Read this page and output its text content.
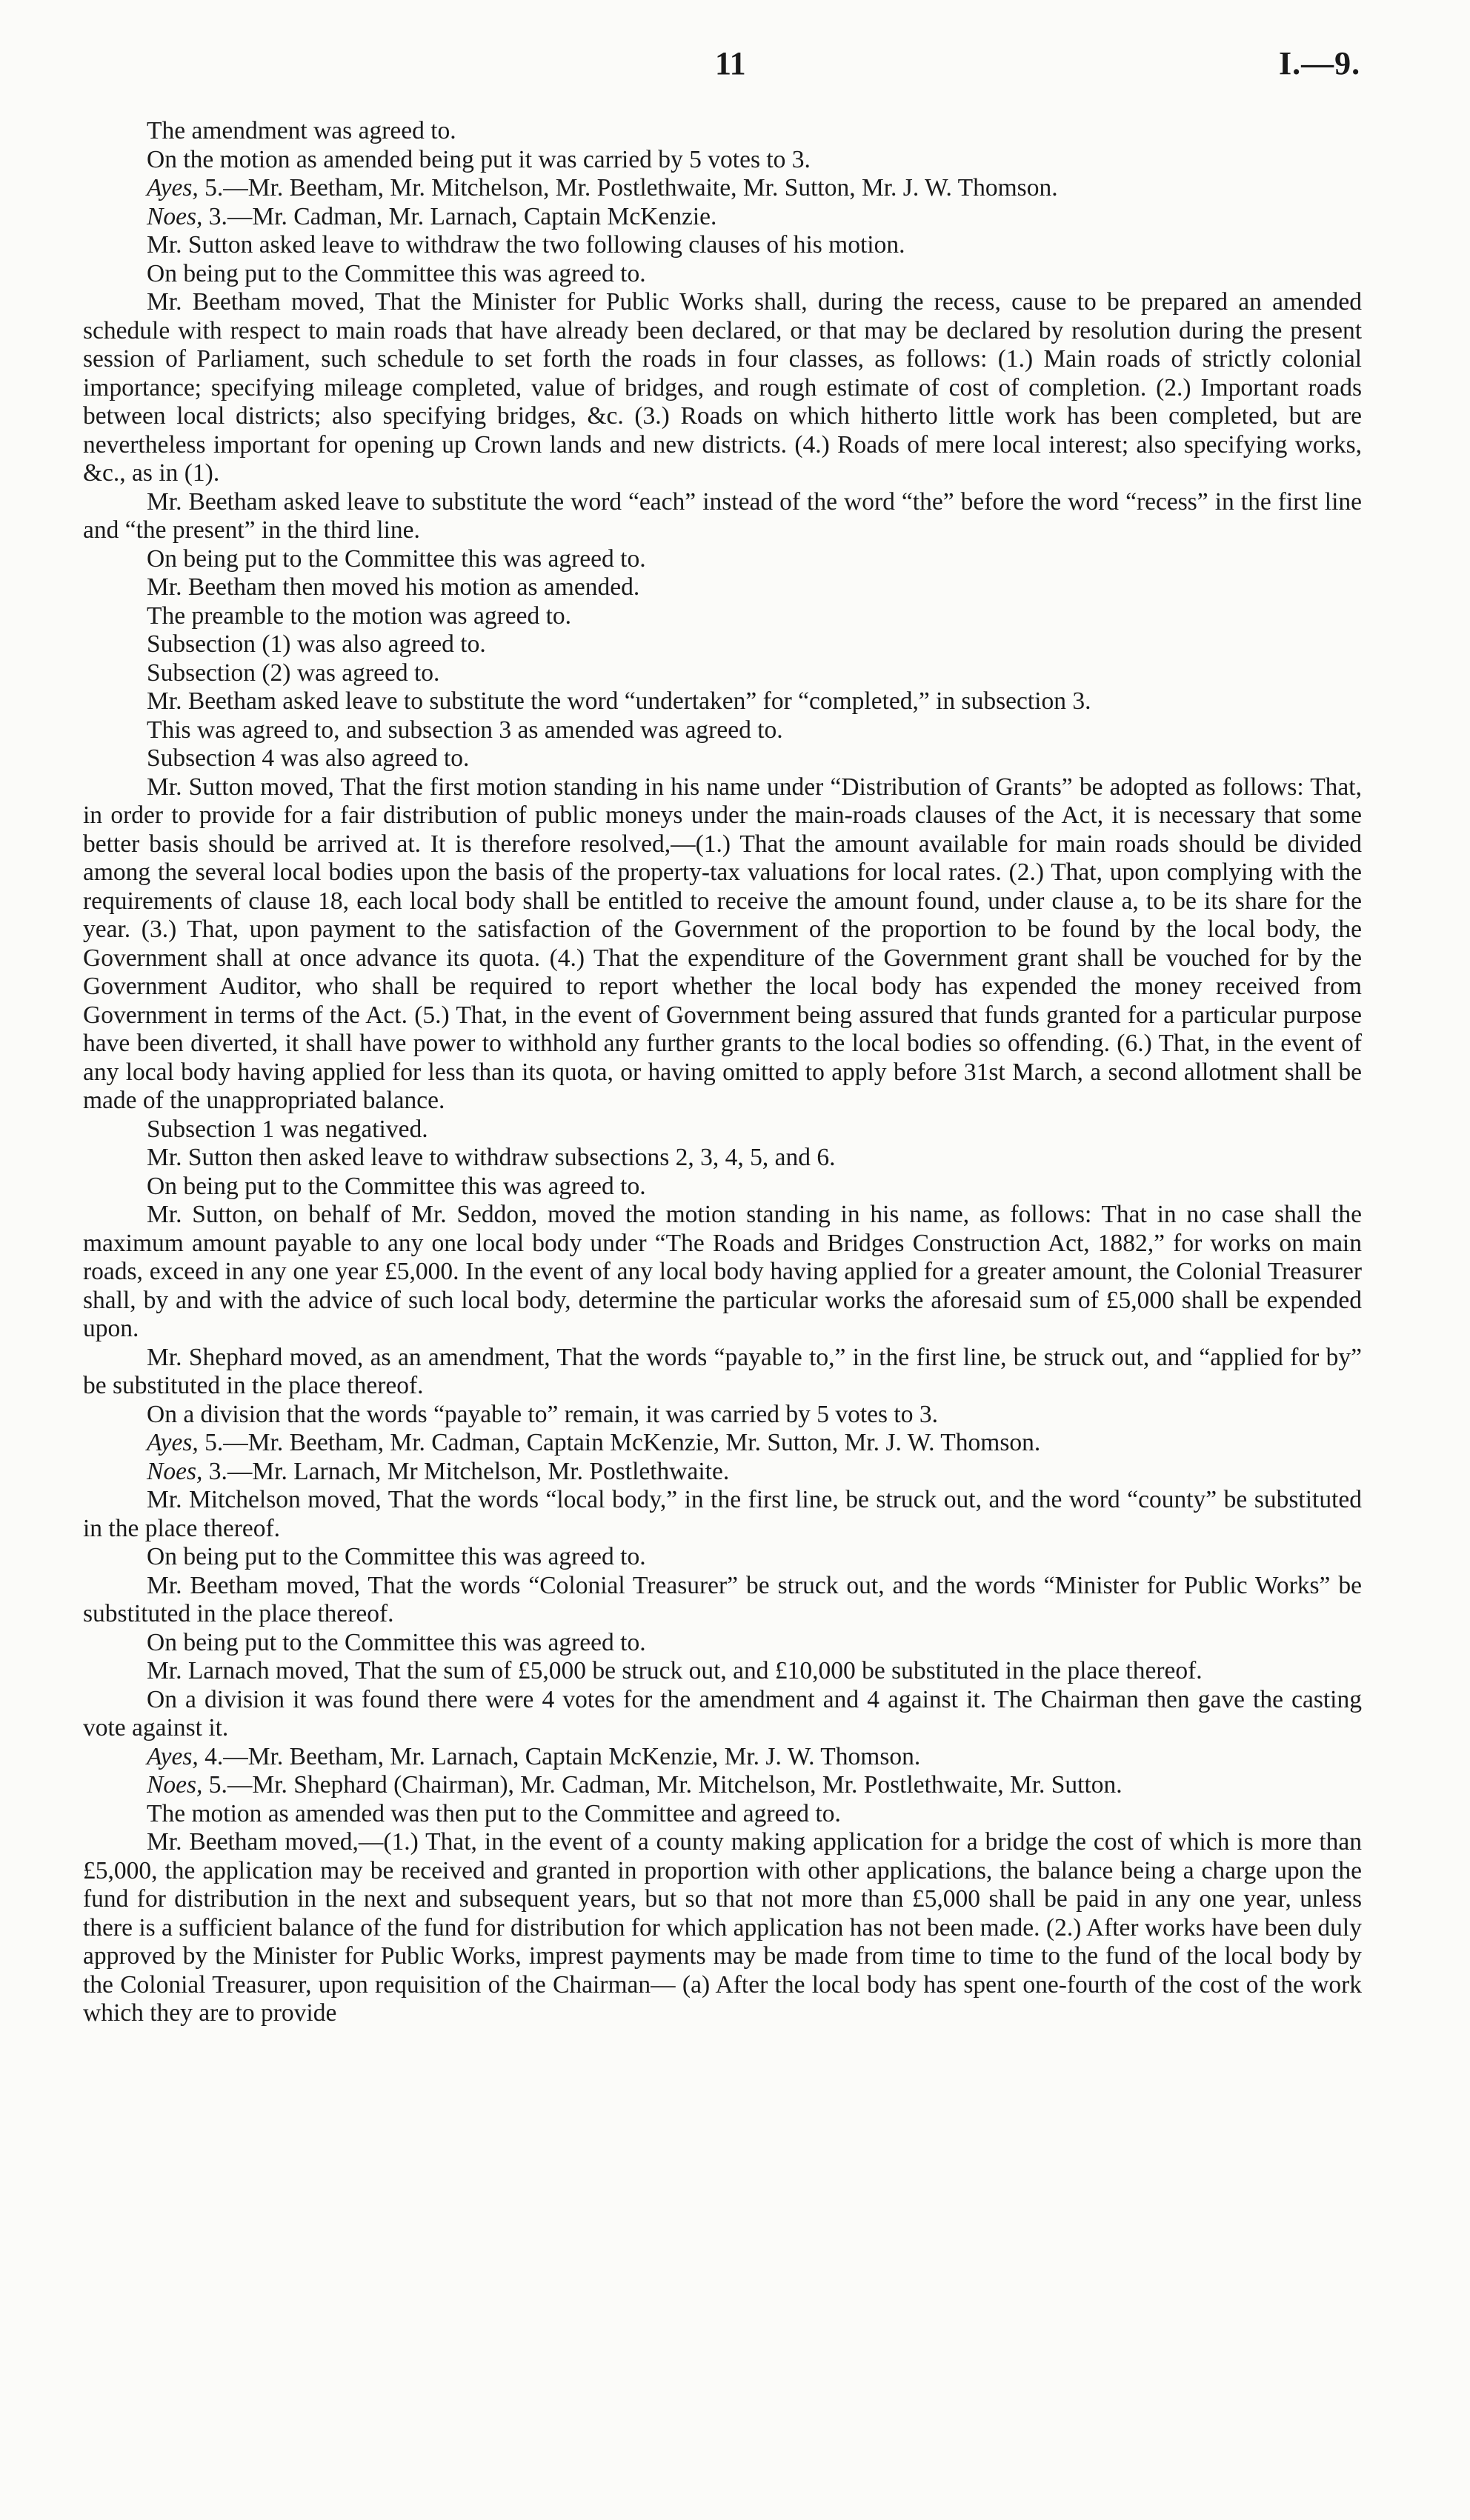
11	I.—9.

The amendment was agreed to.

On the motion as amended being put it was carried by 5 votes to 3.

Ayes, 5.—Mr. Beetham, Mr. Mitchelson, Mr. Postlethwaite, Mr. Sutton, Mr. J. W. Thomson.

Noes, 3.—Mr. Cadman, Mr. Larnach, Captain McKenzie.

Mr. Sutton asked leave to withdraw the two following clauses of his motion.

On being put to the Committee this was agreed to.

Mr. Beetham moved, That the Minister for Public Works shall, during the recess, cause to be prepared an amended schedule with respect to main roads that have already been declared, or that may be declared by resolution during the present session of Parliament, such schedule to set forth the roads in four classes, as follows: (1.) Main roads of strictly colonial importance; specifying mileage completed, value of bridges, and rough estimate of cost of completion. (2.) Important roads between local districts; also specifying bridges, &c. (3.) Roads on which hitherto little work has been completed, but are nevertheless important for opening up Crown lands and new districts. (4.) Roads of mere local interest; also specifying works, &c., as in (1).

Mr. Beetham asked leave to substitute the word “each” instead of the word “the” before the word “recess” in the first line and “the present” in the third line.

On being put to the Committee this was agreed to.

Mr. Beetham then moved his motion as amended.

The preamble to the motion was agreed to.

Subsection (1) was also agreed to.

Subsection (2) was agreed to.

Mr. Beetham asked leave to substitute the word “undertaken” for “completed,” in subsection 3.

This was agreed to, and subsection 3 as amended was agreed to.

Subsection 4 was also agreed to.

Mr. Sutton moved, That the first motion standing in his name under “Distribution of Grants” be adopted as follows: That, in order to provide for a fair distribution of public moneys under the main-roads clauses of the Act, it is necessary that some better basis should be arrived at. It is therefore resolved,—(1.) That the amount available for main roads should be divided among the several local bodies upon the basis of the property-tax valuations for local rates. (2.) That, upon complying with the requirements of clause 18, each local body shall be entitled to receive the amount found, under clause a, to be its share for the year. (3.) That, upon payment to the satisfaction of the Government of the proportion to be found by the local body, the Government shall at once advance its quota. (4.) That the expenditure of the Government grant shall be vouched for by the Government Auditor, who shall be required to report whether the local body has expended the money received from Government in terms of the Act. (5.) That, in the event of Government being assured that funds granted for a particular purpose have been diverted, it shall have power to withhold any further grants to the local bodies so offending. (6.) That, in the event of any local body having applied for less than its quota, or having omitted to apply before 31st March, a second allotment shall be made of the unappropriated balance.

Subsection 1 was negatived.

Mr. Sutton then asked leave to withdraw subsections 2, 3, 4, 5, and 6.

On being put to the Committee this was agreed to.

Mr. Sutton, on behalf of Mr. Seddon, moved the motion standing in his name, as follows: That in no case shall the maximum amount payable to any one local body under “The Roads and Bridges Construction Act, 1882,” for works on main roads, exceed in any one year £5,000. In the event of any local body having applied for a greater amount, the Colonial Treasurer shall, by and with the advice of such local body, determine the particular works the aforesaid sum of £5,000 shall be expended upon.

Mr. Shephard moved, as an amendment, That the words “payable to,” in the first line, be struck out, and “applied for by” be substituted in the place thereof.

On a division that the words “payable to” remain, it was carried by 5 votes to 3.

Ayes, 5.—Mr. Beetham, Mr. Cadman, Captain McKenzie, Mr. Sutton, Mr. J. W. Thomson.

Noes, 3.—Mr. Larnach, Mr Mitchelson, Mr. Postlethwaite.

Mr. Mitchelson moved, That the words “local body,” in the first line, be struck out, and the word “county” be substituted in the place thereof.

On being put to the Committee this was agreed to.

Mr. Beetham moved, That the words “Colonial Treasurer” be struck out, and the words “Minister for Public Works” be substituted in the place thereof.

On being put to the Committee this was agreed to.

Mr. Larnach moved, That the sum of £5,000 be struck out, and £10,000 be substituted in the place thereof.

On a division it was found there were 4 votes for the amendment and 4 against it. The Chairman then gave the casting vote against it.

Ayes, 4.—Mr. Beetham, Mr. Larnach, Captain McKenzie, Mr. J. W. Thomson.

Noes, 5.—Mr. Shephard (Chairman), Mr. Cadman, Mr. Mitchelson, Mr. Postlethwaite, Mr. Sutton.

The motion as amended was then put to the Committee and agreed to.

Mr. Beetham moved,—(1.) That, in the event of a county making application for a bridge the cost of which is more than £5,000, the application may be received and granted in proportion with other applications, the balance being a charge upon the fund for distribution in the next and subsequent years, but so that not more than £5,000 shall be paid in any one year, unless there is a sufficient balance of the fund for distribution for which application has not been made. (2.) After works have been duly approved by the Minister for Public Works, imprest payments may be made from time to time to the fund of the local body by the Colonial Treasurer, upon requisition of the Chairman— (a) After the local body has spent one-fourth of the cost of the work which they are to provide
